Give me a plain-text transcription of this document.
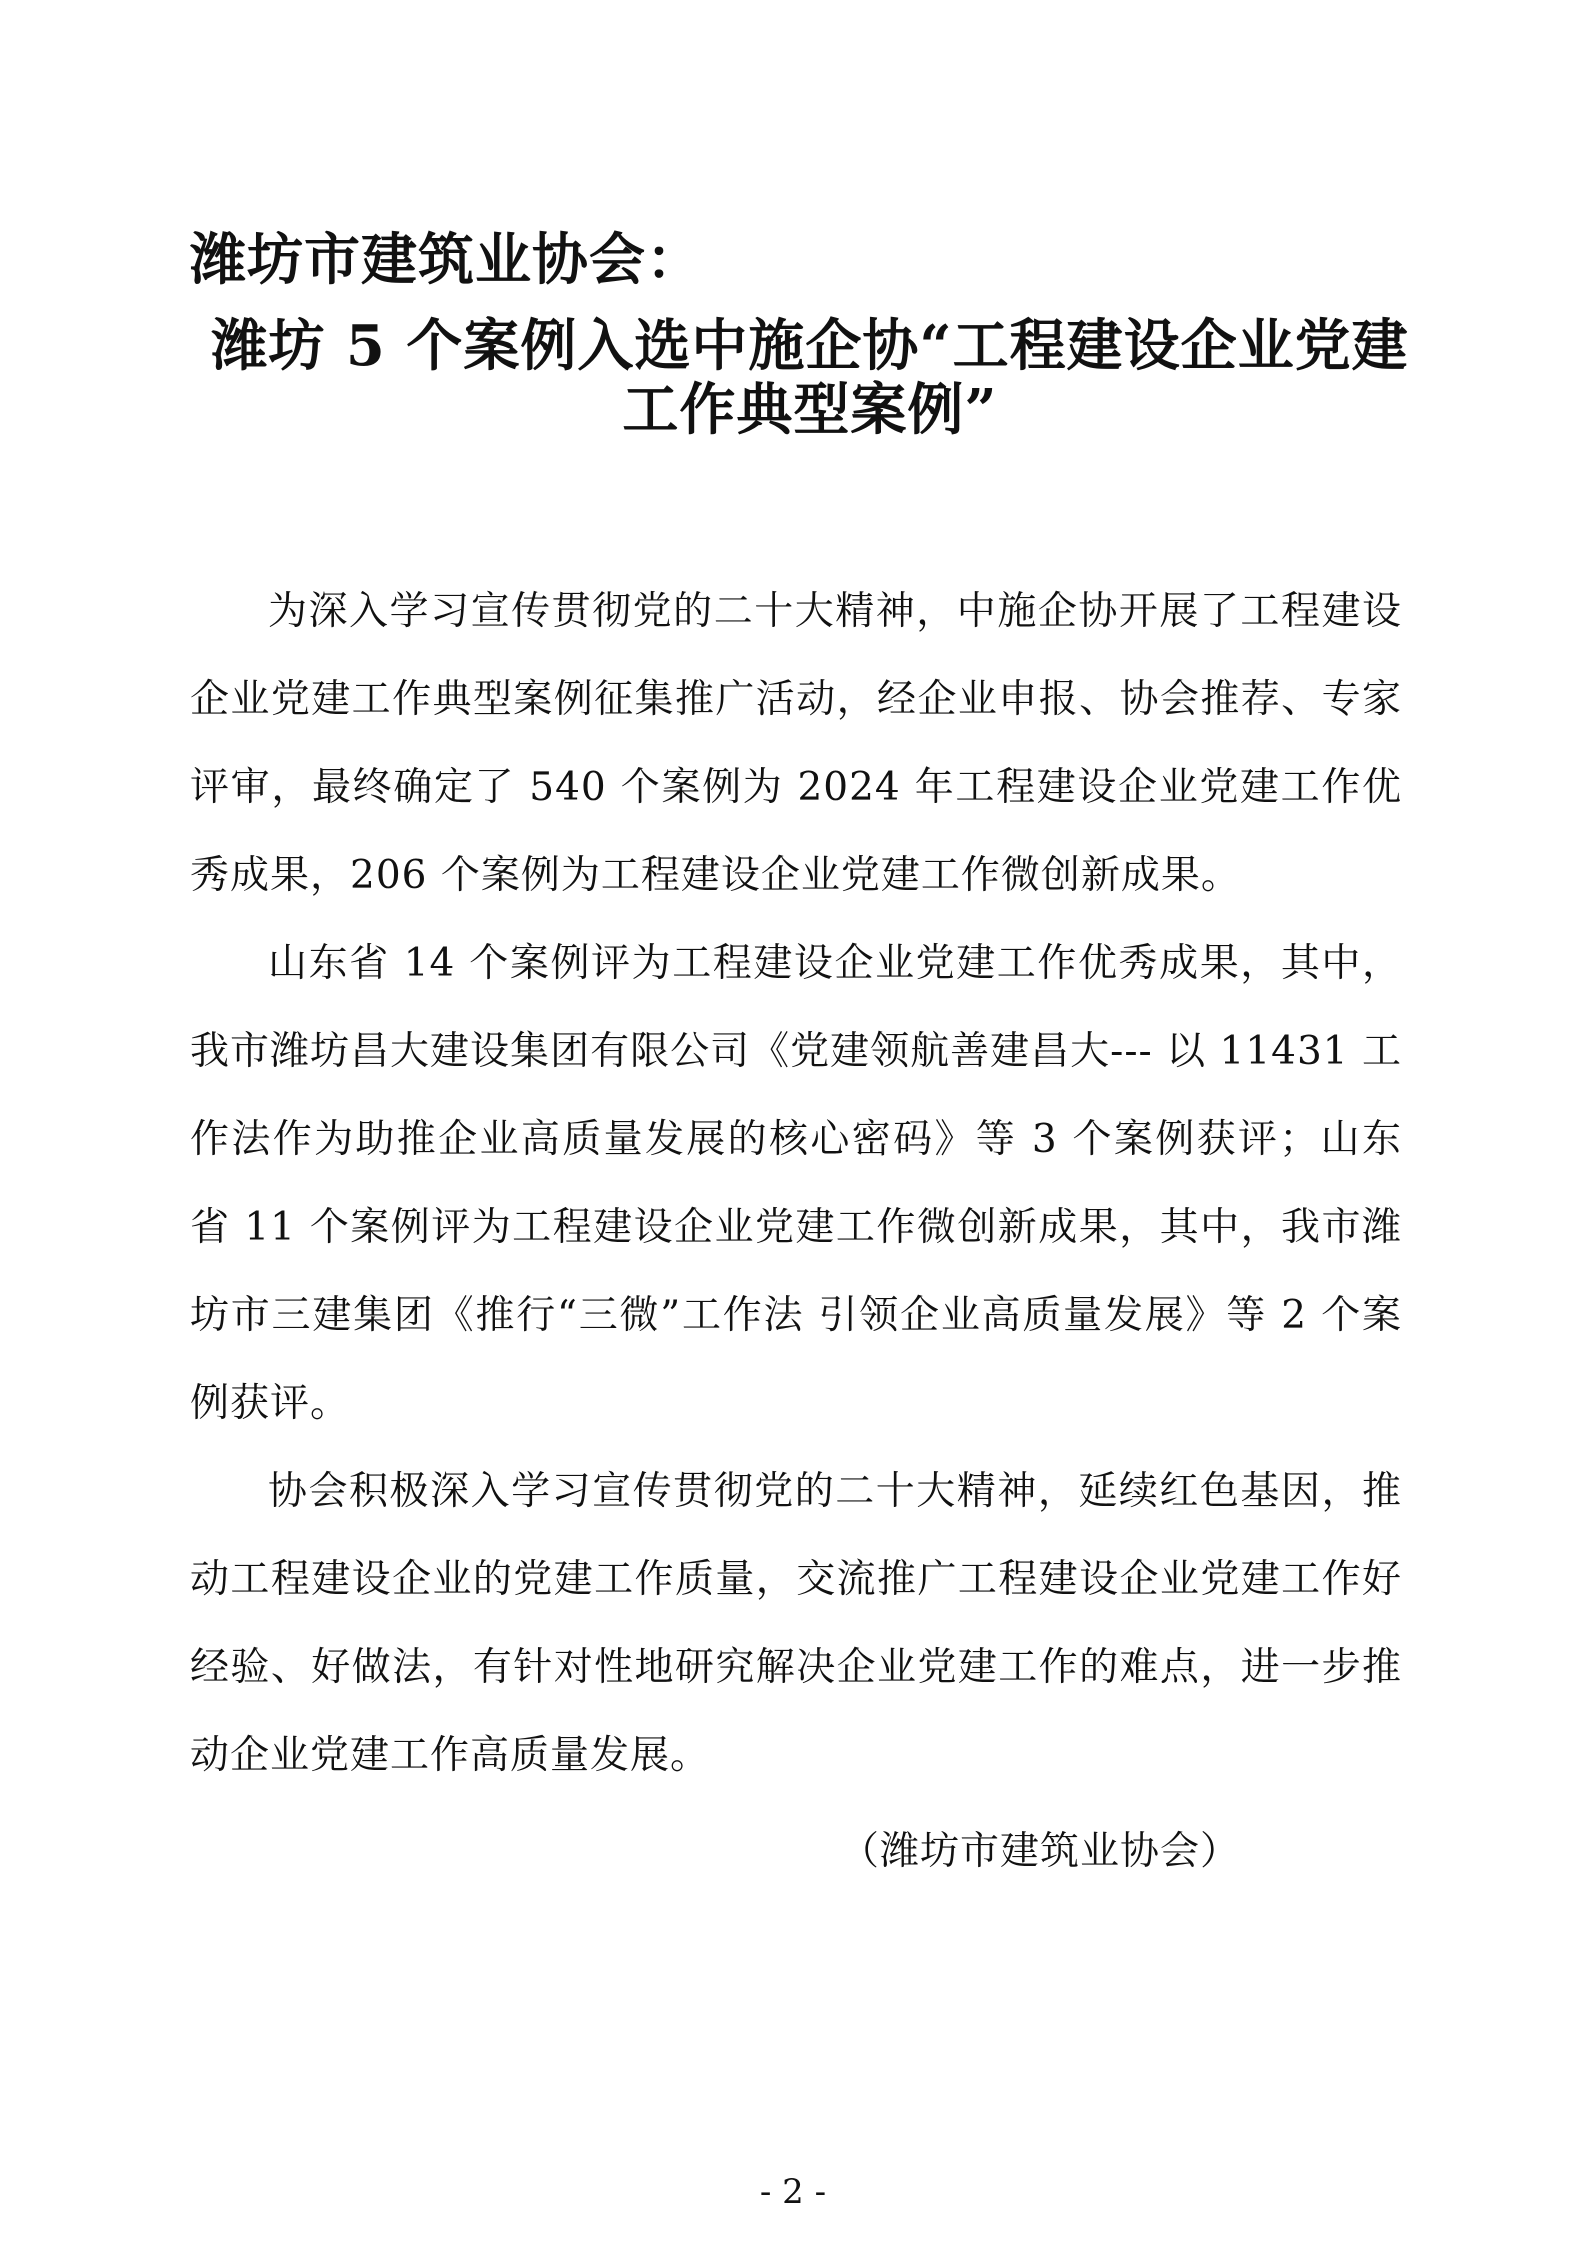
潍坊市建筑业协会：
潍坊 5 个案例入选中施企协“工程建设企业党建工作典型案例”

为深入学习宣传贯彻党的二十大精神，中施企协开展了工程建设企业党建工作典型案例征集推广活动，经企业申报、协会推荐、专家评审，最终确定了 540 个案例为 2024 年工程建设企业党建工作优秀成果，206 个案例为工程建设企业党建工作微创新成果。

山东省 14 个案例评为工程建设企业党建工作优秀成果，其中，我市潍坊昌大建设集团有限公司《党建领航善建昌大--- 以 11431 工作法作为助推企业高质量发展的核心密码》等 3 个案例获评；山东省 11 个案例评为工程建设企业党建工作微创新成果，其中，我市潍坊市三建集团《推行“三微”工作法 引领企业高质量发展》等 2 个案例获评。

协会积极深入学习宣传贯彻党的二十大精神，延续红色基因，推动工程建设企业的党建工作质量，交流推广工程建设企业党建工作好经验、好做法，有针对性地研究解决企业党建工作的难点，进一步推动企业党建工作高质量发展。

（潍坊市建筑业协会）
- 2 -
